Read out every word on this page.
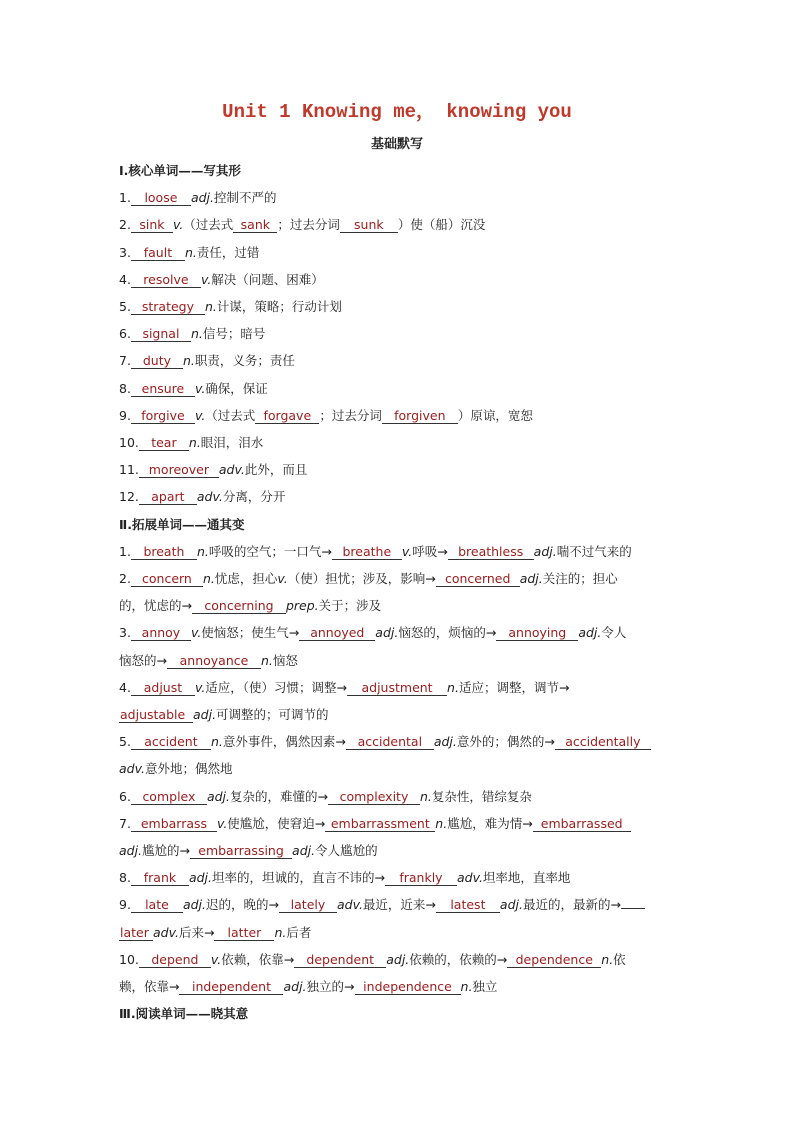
Unit 1 Knowing me， knowing you
基础默写
Ⅰ.核心单词——写其形
1. loose adj.控制不严的
2. sink v.（过去式 sank ；过去分词 sunk ）使（船）沉没
3. fault n.责任，过错
4. resolve v.解决（问题、困难）
5. strategy n.计谋，策略；行动计划
6. signal n.信号；暗号
7. duty n.职责，义务；责任
8. ensure v.确保，保证
9. forgive v.（过去式 forgave ；过去分词 forgiven ）原谅，宽恕
10. tear n.眼泪，泪水
11. moreover adv.此外，而且
12. apart adv.分离，分开
Ⅱ.拓展单词——通其变
1. breath n.呼吸的空气；一口气→ breathe v.呼吸→ breathless adj.喘不过气来的
2. concern n.忧虑，担心v.（使）担忧；涉及，影响→ concerned adj.关注的；担心
的，忧虑的→ concerning prep.关于；涉及
3. annoy v.使恼怒；使生气→ annoyed adj.恼怒的，烦恼的→ annoying adj.令人
恼怒的→ annoyance n.恼怒
4. adjust v.适应，（使）习惯；调整→ adjustment n.适应；调整，调节→
adjustable adj.可调整的；可调节的
5. accident n.意外事件，偶然因素→ accidental adj.意外的；偶然的→ accidentally
adv.意外地；偶然地
6. complex adj.复杂的，难懂的→ complexity n.复杂性，错综复杂
7. embarrass v.使尴尬，使窘迫→ embarrassment n.尴尬，难为情→ embarrassed
adj.尴尬的→ embarrassing adj.令人尴尬的
8. frank adj.坦率的，坦诚的，直言不讳的→ frankly adv.坦率地，直率地
9. late adj.迟的，晚的→ lately adv.最近，近来→ latest adj.最近的，最新的→
later adv.后来→ latter n.后者
10. depend v.依赖，依靠→ dependent adj.依赖的，依赖的→ dependence n.依
赖，依靠→ independent adj.独立的→ independence n.独立
Ⅲ.阅读单词——晓其意
